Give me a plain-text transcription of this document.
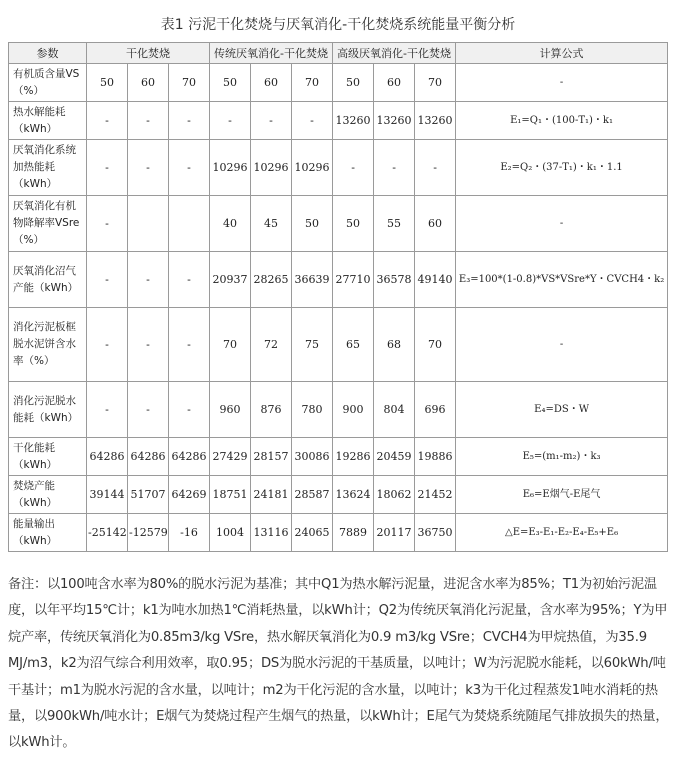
表1 污泥干化焚烧与厌氧消化-干化焚烧系统能量平衡分析
参数	干化焚烧			传统厌氧消化-干化焚烧			高级厌氧消化-干化焚烧			计算公式
有机质含量VS（%）	50	60	70	50	60	70	50	60	70	-
热水解能耗（kWh）	-	-	-	-	-	-	13260	13260	13260	E₁=Q₁・(100-T₁)・k₁
厌氧消化系统加热能耗（kWh）	-	-	-	10296	10296	10296	-	-	-	E₂=Q₂・(37-T₁)・k₁・1.1
厌氧消化有机物降解率VSre（%）	-			40	45	50	50	55	60	-
厌氧消化沼气产能（kWh）	-	-	-	20937	28265	36639	27710	36578	49140	E₃=100*(1-0.8)*VS*VSre*Y・CVCH4・k₂
消化污泥板框脱水泥饼含水率（%）	-	-	-	70	72	75	65	68	70	-
消化污泥脱水能耗（kWh）	-	-	-	960	876	780	900	804	696	E₄=DS・W
干化能耗（kWh）	64286	64286	64286	27429	28157	30086	19286	20459	19886	E₅=(m₁-m₂)・k₃
焚烧产能（kWh）	39144	51707	64269	18751	24181	28587	13624	18062	21452	E₆=E烟气-E尾气
能量输出（kWh）	-25142	-12579	-16	1004	13116	24065	7889	20117	36750	△E=E₃-E₁-E₂-E₄-E₅+E₆

备注：以100吨含水率为80%的脱水污泥为基准；其中Q1为热水解污泥量，进泥含水率为85%；T1为初始污泥温度，以年平均15℃计；k1为吨水加热1℃消耗热量，以kWh计；Q2为传统厌氧消化污泥量，含水率为95%；Y为甲烷产率，传统厌氧消化为0.85m3/kg VSre，热水解厌氧消化为0.9 m3/kg VSre；CVCH4为甲烷热值，为35.9 MJ/m3，k2为沼气综合利用效率，取0.95；DS为脱水污泥的干基质量，以吨计；W为污泥脱水能耗，以60kWh/吨干基计；m1为脱水污泥的含水量，以吨计；m2为干化污泥的含水量，以吨计；k3为干化过程蒸发1吨水消耗的热量，以900kWh/吨水计；E烟气为焚烧过程产生烟气的热量，以kWh计；E尾气为焚烧系统随尾气排放损失的热量，以kWh计。
